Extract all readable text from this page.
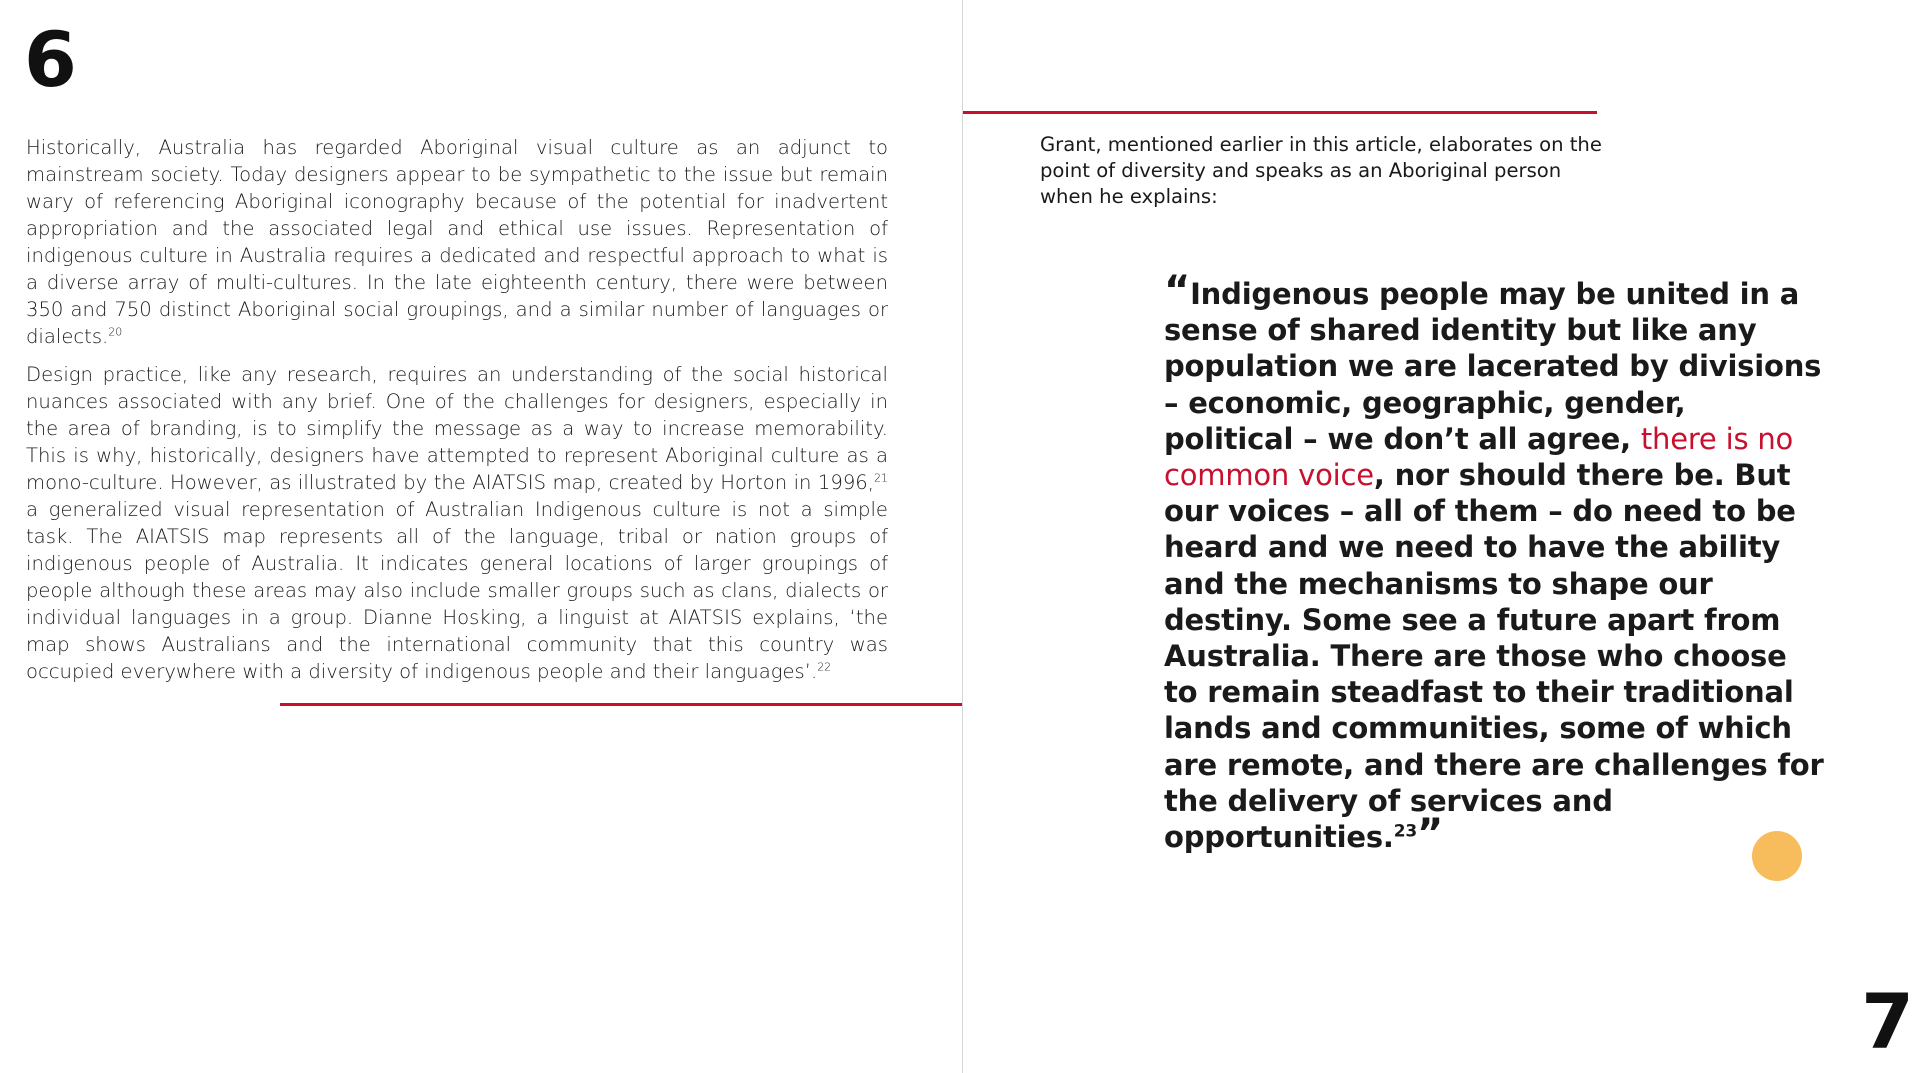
6

Historically, Australia has regarded Aboriginal visual culture as an adjunct to mainstream society. Today designers appear to be sympathetic to the issue but remain wary of referencing Aboriginal iconography because of the potential for inadvertent appropriation and the associated legal and ethical use issues. Representation of indigenous culture in Australia requires a dedicated and respectful approach to what is a diverse array of multi-cultures. In the late eighteenth century, there were between 350 and 750 distinct Aboriginal social groupings, and a similar number of languages or dialects.$^{20}$

Design practice, like any research, requires an understanding of the social historical nuances associated with any brief. One of the challenges for designers, especially in the area of branding, is to simplify the message as a way to increase memorability. This is why, historically, designers have attempted to represent Aboriginal culture as a mono-culture. However, as illustrated by the AIATSIS map, created by Horton in 1996,21 a generalized visual representation of Australian Indigenous culture is not a simple task. The AIATSIS map represents all of the language, tribal or nation groups of indigenous people of Australia. It indicates general locations of larger groupings of people although these areas may also include smaller groups such as clans, dialects or individual languages in a group. Dianne Hosking, a linguist at AIATSIS explains, ‘the map shows Australians and the international community that this country was occupied everywhere with a diversity of indigenous people and their languages’.$^{22}$

Grant, mentioned earlier in this article, elaborates on the point of diversity and speaks as an Aboriginal person when he explains:
“Indigenous people may be united in a sense of shared identity but like any population we are lacerated by divisions – economic, geographic, gender, political – we don’t all agree, there is no common voice, nor should there be. But our voices – all of them – do need to be heard and we need to have the ability and the mechanisms to shape our destiny. Some see a future apart from Australia. There are those who choose to remain steadfast to their traditional lands and communities, some of which are remote, and there are challenges for the delivery of services and opportunities.$^{23}$”
7
